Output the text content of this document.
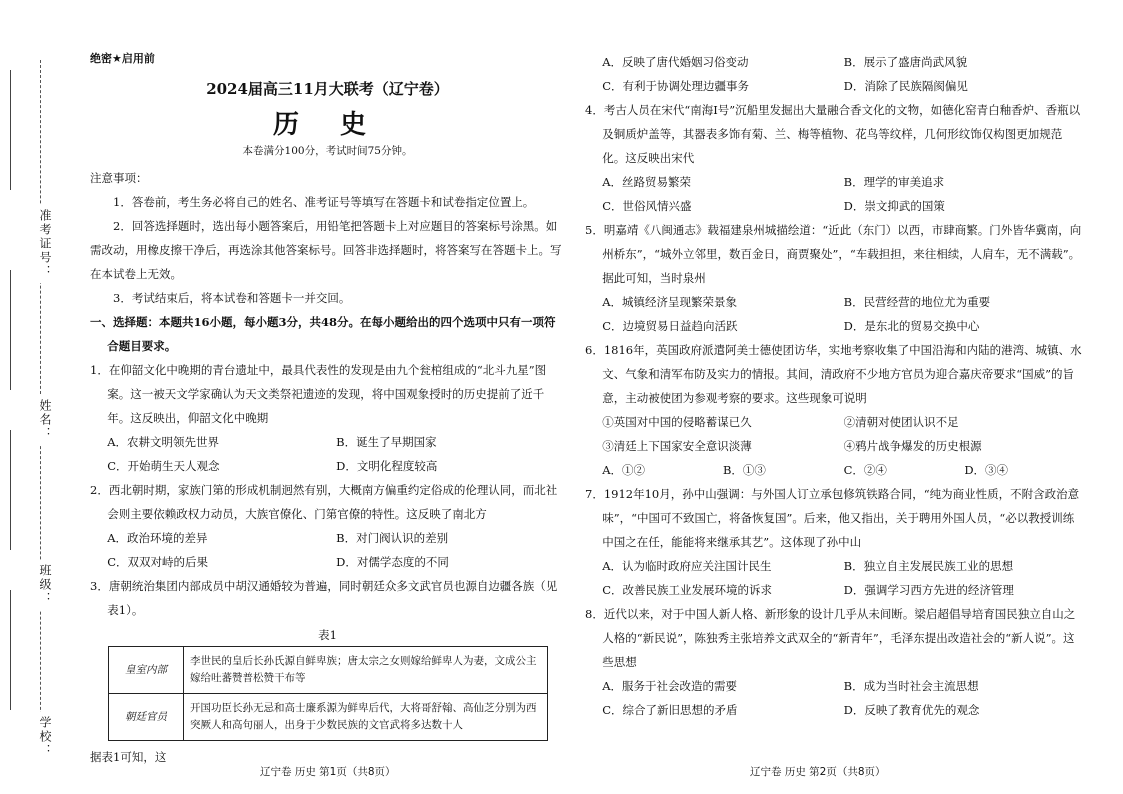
准考证号：
姓名：
班级：
学校：
绝密★启用前
2024届高三11月大联考（辽宁卷）
历 史
本卷满分100分，考试时间75分钟。
注意事项：

1．答卷前，考生务必将自己的姓名、准考证号等填写在答题卡和试卷指定位置上。

2．回答选择题时，选出每小题答案后，用铅笔把答题卡上对应题目的答案标号涂黑。如需改动，用橡皮擦干净后，再选涂其他答案标号。回答非选择题时，将答案写在答题卡上。写在本试卷上无效。

3．考试结束后，将本试卷和答题卡一并交回。

一、选择题：本题共16小题，每小题3分，共48分。在每小题给出的四个选项中只有一项符
合题目要求。
1．在仰韶文化中晚期的青台遗址中，最具代表性的发现是由九个瓮棺组成的“北斗九星”图案。这一被天文学家确认为天文类祭祀遗迹的发现，将中国观象授时的历史提前了近千年。这反映出，仰韶文化中晚期
A．农耕文明领先世界	B．诞生了早期国家
C．开始萌生天人观念	D．文明化程度较高
2．西北朝时期，家族门第的形成机制迥然有别，大概南方偏重约定俗成的伦理认同，而北社会则主要依赖政权力动员，大族官僚化、门第官僚的特性。这反映了南北方
A．政治环境的差异	B．对门阀认识的差别
C．双双对峙的后果	D．对儒学态度的不同
3．唐朝统治集团内部成员中胡汉通婚较为普遍，同时朝廷众多文武官员也源自边疆各族（见表1）。
表1
皇室内部	李世民的皇后长孙氏源自鲜卑族；唐太宗之女则嫁给鲜卑人为妻，文成公主嫁给吐蕃赞普松赞干布等
朝廷官员	开国功臣长孙无忌和高士廉系源为鲜卑后代，大将哥舒翰、高仙芝分别为西突厥人和高句丽人，出身于少数民族的文官武将多达数十人
据表1可知，这
A．反映了唐代婚姻习俗变动	B．展示了盛唐尚武风貌
C．有利于协调处理边疆事务	D．消除了民族隔阂偏见
4．考古人员在宋代“南海Ⅰ号”沉船里发掘出大量融合香文化的文物，如德化窑青白釉香炉、香瓶以及铜质炉盖等，其器表多饰有菊、兰、梅等植物、花鸟等纹样，几何形纹饰仅构图更加规范化。这反映出宋代
A．丝路贸易繁荣	B．理学的审美追求
C．世俗风情兴盛	D．崇文抑武的国策
5．明嘉靖《八闽通志》载福建泉州城描绘道：“近此（东门）以西，市肆商繁。门外皆华冀南，向州桥东”，“城外立邻里，数百金日，商贾聚处”，“车载担担，来往相续，人肩车，无不满载”。据此可知，当时泉州
A．城镇经济呈现繁荣景象	B．民营经营的地位尤为重要
C．边境贸易日益趋向活跃	D．是东北的贸易交换中心
6．1816年，英国政府派遣阿美士德使团访华，实地考察收集了中国沿海和内陆的港湾、城镇、水文、气象和清军布防及实力的情报。其间，清政府不少地方官员为迎合嘉庆帝要求“国威”的旨意，主动被使团为参观考察的要求。这些现象可说明
①英国对中国的侵略蓄谋已久	②清朝对使团认识不足
③清廷上下国家安全意识淡薄	④鸦片战争爆发的历史根源
A．①②	B．①③	C．②④	D．③④
7．1912年10月，孙中山强调：与外国人订立承包修筑铁路合同，“纯为商业性质，不附含政治意味”，“中国可不致国亡，将备恢复国”。后来，他又指出，关于聘用外国人员，“必以教授训练中国之在任，能能将来继承其艺”。这体现了孙中山
A．认为临时政府应关注国计民生	B．独立自主发展民族工业的思想
C．改善民族工业发展环境的诉求	D．强调学习西方先进的经济管理
8．近代以来，对于中国人新人格、新形象的设计几乎从未间断。梁启超倡导培育国民独立自山之人格的“新民说”，陈独秀主张培养文武双全的“新青年”，毛泽东提出改造社会的“新人说”。这些思想
A．服务于社会改造的需要	B．成为当时社会主流思想
C．综合了新旧思想的矛盾	D．反映了教育优先的观念
辽宁卷 历史 第1页（共8页）	辽宁卷 历史 第2页（共8页）
